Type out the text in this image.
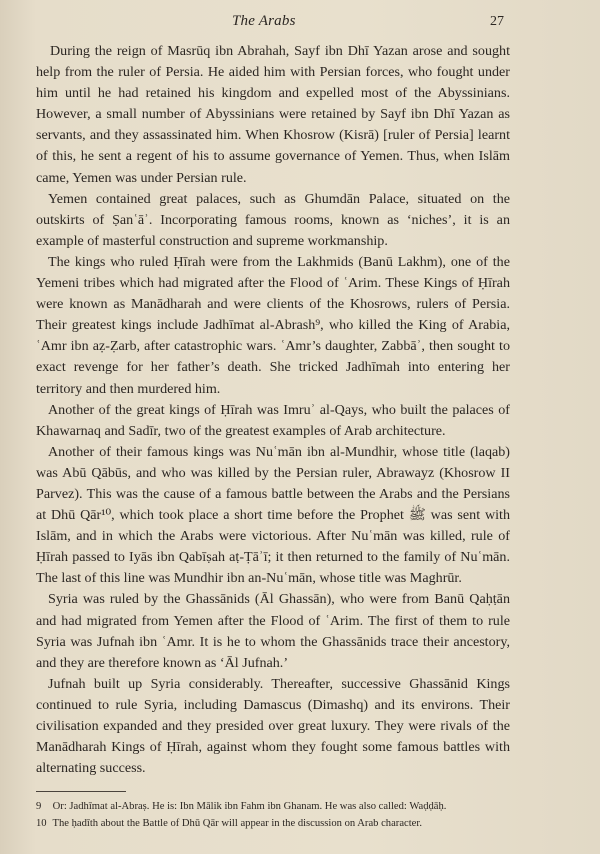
The Arabs	27

During the reign of Masrūq ibn Abrahah, Sayf ibn Dhī Yazan arose and sought help from the ruler of Persia. He aided him with Persian forces, who fought under him until he had retained his kingdom and expelled most of the Abyssinians. However, a small number of Abyssinians were retained by Sayf ibn Dhī Yazan as servants, and they assassinated him. When Khosrow (Kisrā) [ruler of Persia] learnt of this, he sent a regent of his to assume governance of Yemen. Thus, when Islām came, Yemen was under Persian rule.

Yemen contained great palaces, such as Ghumdān Palace, situated on the outskirts of Ṣanʿāʾ. Incorporating famous rooms, known as ‘niches’, it is an example of masterful construction and supreme workmanship.

The kings who ruled Ḥīrah were from the Lakhmids (Banū Lakhm), one of the Yemeni tribes which had migrated after the Flood of ʿArim. These Kings of Ḥīrah were known as Manādharah and were clients of the Khosrows, rulers of Persia. Their greatest kings include Jadhīmat al-Abrash⁹, who killed the King of Arabia, ʿAmr ibn aẓ-Ẓarb, after catastrophic wars. ʿAmr’s daughter, Zabbāʾ, then sought to exact revenge for her father’s death. She tricked Jadhīmah into entering her territory and then murdered him.

Another of the great kings of Ḥīrah was Imruʾ al-Qays, who built the palaces of Khawarnaq and Sadīr, two of the greatest examples of Arab architecture.

Another of their famous kings was Nuʿmān ibn al-Mundhir, whose title (laqab) was Abū Qābūs, and who was killed by the Persian ruler, Abrawayz (Khosrow II Parvez). This was the cause of a famous battle between the Arabs and the Persians at Dhū Qār¹⁰, which took place a short time before the Prophet ﷺ was sent with Islām, and in which the Arabs were victorious. After Nuʿmān was killed, rule of Ḥīrah passed to Iyās ibn Qabīṣah aṭ-Ṭāʾī; it then returned to the family of Nuʿmān. The last of this line was Mundhir ibn an-Nuʿmān, whose title was Maghrūr.

Syria was ruled by the Ghassānids (Āl Ghassān), who were from Banū Qaḥṭān and had migrated from Yemen after the Flood of ʿArim. The first of them to rule Syria was Jufnah ibn ʿAmr. It is he to whom the Ghassānids trace their ancestory, and they are therefore known as ‘Āl Jufnah.’

Jufnah built up Syria considerably. Thereafter, successive Ghassānid Kings continued to rule Syria, including Damascus (Dimashq) and its environs. Their civilisation expanded and they presided over great luxury. They were rivals of the Manādharah Kings of Ḥīrah, against whom they fought some famous battles with alternating success.

9 Or: Jadhīmat al-Abraṣ. He is: Ibn Mālik ibn Fahm ibn Ghanam. He was also called: Waḍḍāḥ.
10 The ḥadīth about the Battle of Dhū Qār will appear in the discussion on Arab character.
